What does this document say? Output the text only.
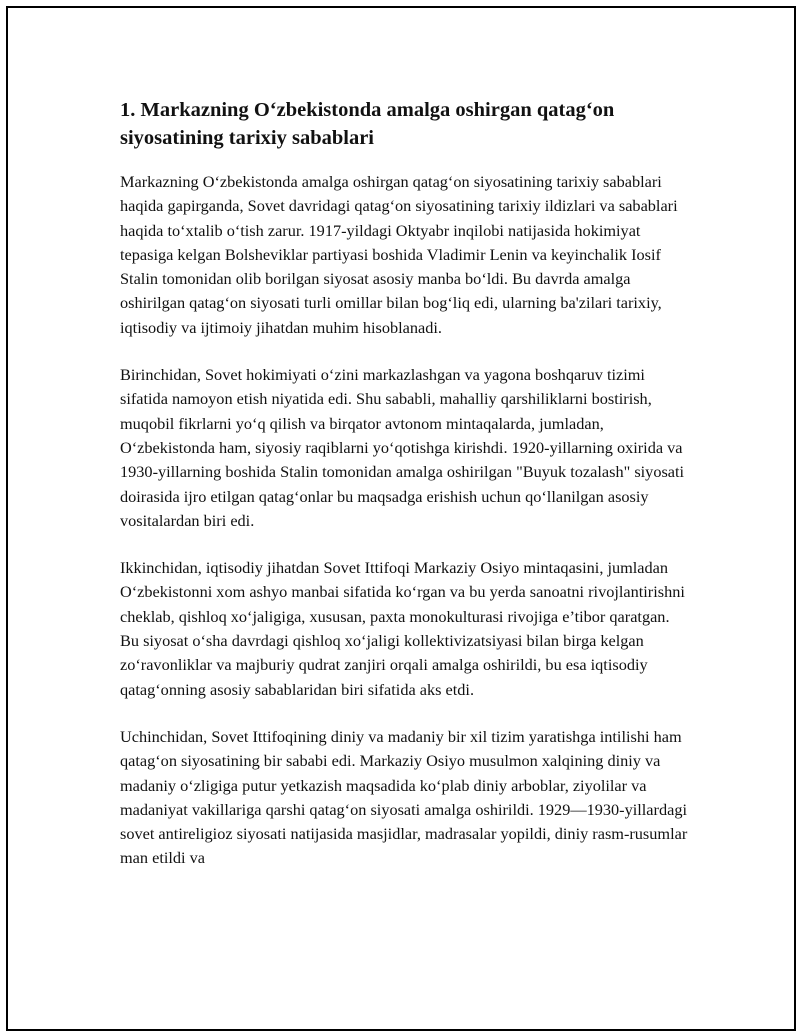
1. Markazning O‘zbekistonda amalga oshirgan qatag‘on siyosatining tarixiy sabablari

Markazning O‘zbekistonda amalga oshirgan qatag‘on siyosatining tarixiy sabablari haqida gapirganda, Sovet davridagi qatag‘on siyosatining tarixiy ildizlari va sabablari haqida to‘xtalib o‘tish zarur. 1917-yildagi Oktyabr inqilobi natijasida hokimiyat tepasiga kelgan Bolsheviklar partiyasi boshida Vladimir Lenin va keyinchalik Iosif Stalin tomonidan olib borilgan siyosat asosiy manba bo‘ldi. Bu davrda amalga oshirilgan qatag‘on siyosati turli omillar bilan bog‘liq edi, ularning ba'zilari tarixiy, iqtisodiy va ijtimoiy jihatdan muhim hisoblanadi.

Birinchidan, Sovet hokimiyati o‘zini markazlashgan va yagona boshqaruv tizimi sifatida namoyon etish niyatida edi. Shu sababli, mahalliy qarshiliklarni bostirish, muqobil fikrlarni yo‘q qilish va birqator avtonom mintaqalarda, jumladan, O‘zbekistonda ham, siyosiy raqiblarni yo‘qotishga kirishdi. 1920-yillarning oxirida va 1930-yillarning boshida Stalin tomonidan amalga oshirilgan "Buyuk tozalash" siyosati doirasida ijro etilgan qatag‘onlar bu maqsadga erishish uchun qo‘llanilgan asosiy vositalardan biri edi.

Ikkinchidan, iqtisodiy jihatdan Sovet Ittifoqi Markaziy Osiyo mintaqasini, jumladan O‘zbekistonni xom ashyo manbai sifatida ko‘rgan va bu yerda sanoatni rivojlantirishni cheklab, qishloq xo‘jaligiga, xususan, paxta monokulturasi rivojiga e’tibor qaratgan. Bu siyosat o‘sha davrdagi qishloq xo‘jaligi kollektivizatsiyasi bilan birga kelgan zo‘ravonliklar va majburiy qudrat zanjiri orqali amalga oshirildi, bu esa iqtisodiy qatag‘onning asosiy sabablaridan biri sifatida aks etdi.

Uchinchidan, Sovet Ittifoqining diniy va madaniy bir xil tizim yaratishga intilishi ham qatag‘on siyosatining bir sababi edi. Markaziy Osiyo musulmon xalqining diniy va madaniy o‘zligiga putur yetkazish maqsadida ko‘plab diniy arboblar, ziyolilar va madaniyat vakillariga qarshi qatag‘on siyosati amalga oshirildi. 1929—1930-yillardagi sovet antireligioz siyosati natijasida masjidlar, madrasalar yopildi, diniy rasm-rusumlar man etildi va
